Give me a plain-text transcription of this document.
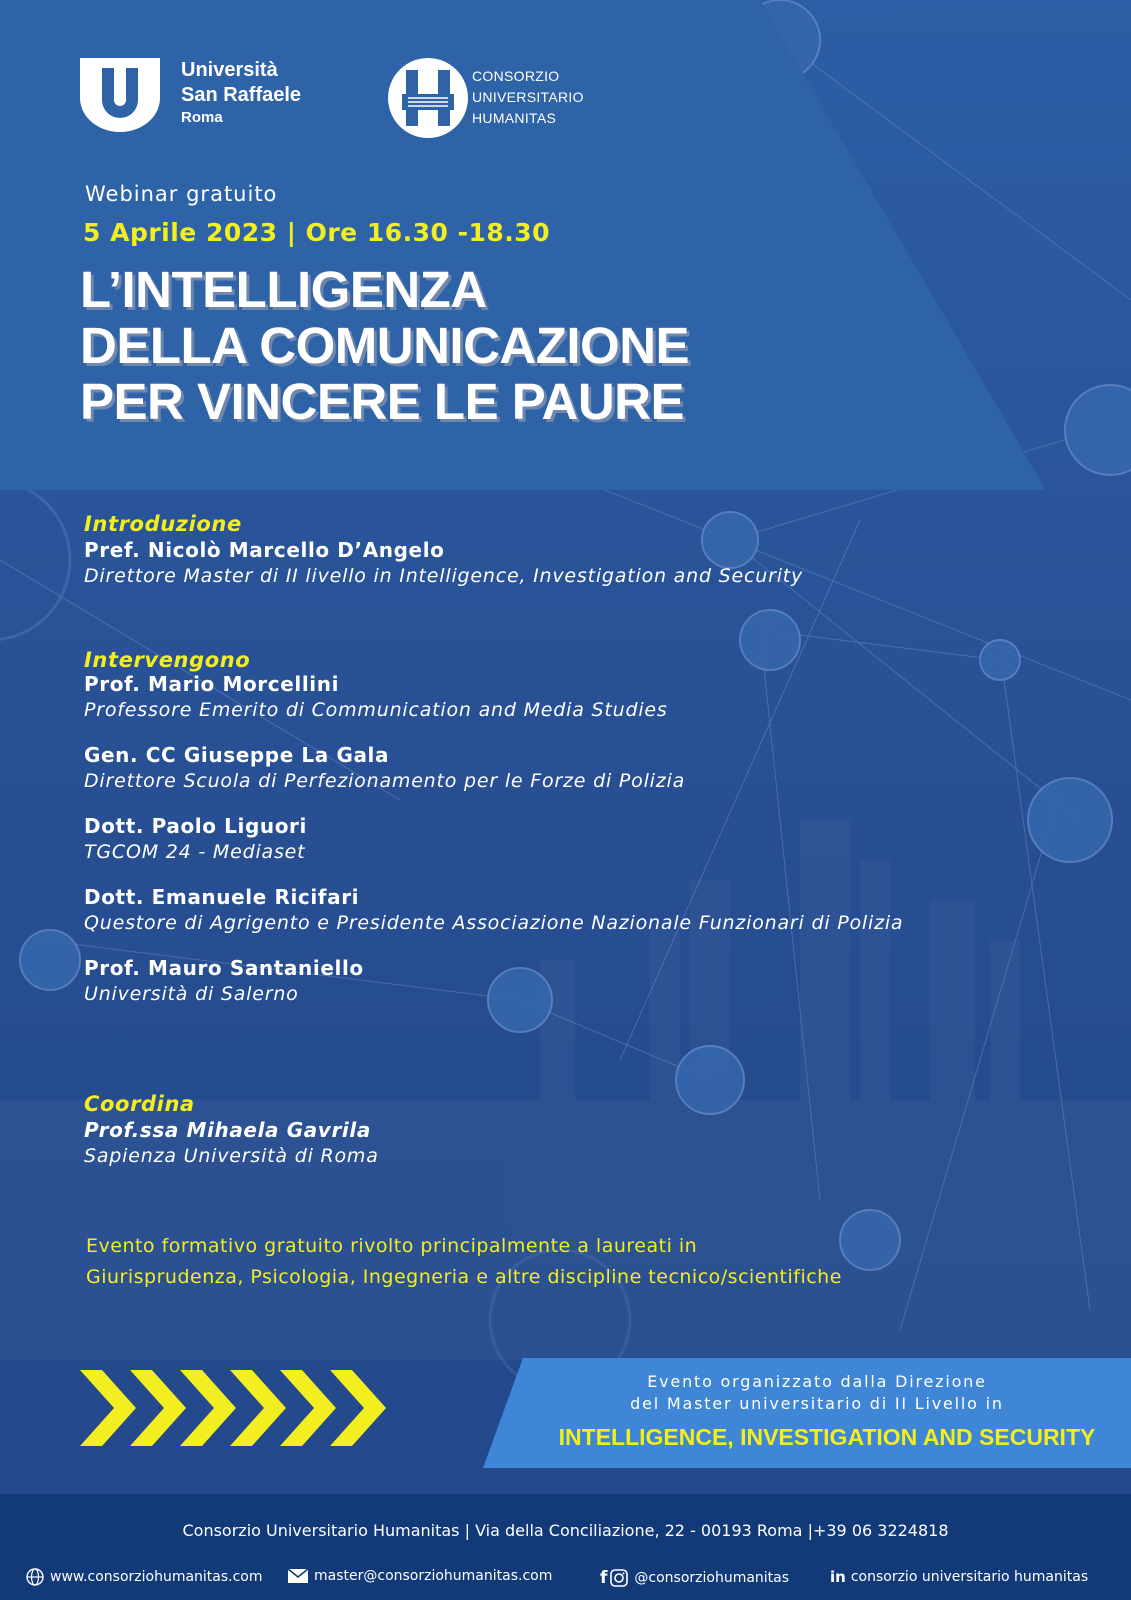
Università
San Raffaele
Roma
CONSORZIO
UNIVERSITARIO
HUMANITAS
Webinar gratuito
5 Aprile 2023 | Ore 16.30 -18.30
L’INTELLIGENZA
DELLA COMUNICAZIONE
PER VINCERE LE PAURE
Introduzione
Pref. Nicolò Marcello D’Angelo
Direttore Master di II livello in Intelligence, Investigation and Security
Intervengono
Prof. Mario Morcellini
Professore Emerito di Communication and Media Studies
Gen. CC Giuseppe La Gala
Direttore Scuola di Perfezionamento per le Forze di Polizia
Dott. Paolo Liguori
TGCOM 24 - Mediaset
Dott. Emanuele Ricifari
Questore di Agrigento e Presidente Associazione Nazionale Funzionari di Polizia
Prof. Mauro Santaniello
Università di Salerno
Coordina
Prof.ssa Mihaela Gavrila
Sapienza Università di Roma
Evento formativo gratuito rivolto principalmente a laureati in
Giurisprudenza, Psicologia, Ingegneria e altre discipline tecnico/scientifiche
Evento organizzato dalla Direzione
del Master universitario di II Livello in
INTELLIGENCE, INVESTIGATION AND SECURITY
Consorzio Universitario Humanitas | Via della Conciliazione, 22 - 00193 Roma |+39 06 3224818
www.consorziohumanitas.com	master@consorziohumanitas.com	f @consorziohumanitas	in consorzio universitario humanitas
